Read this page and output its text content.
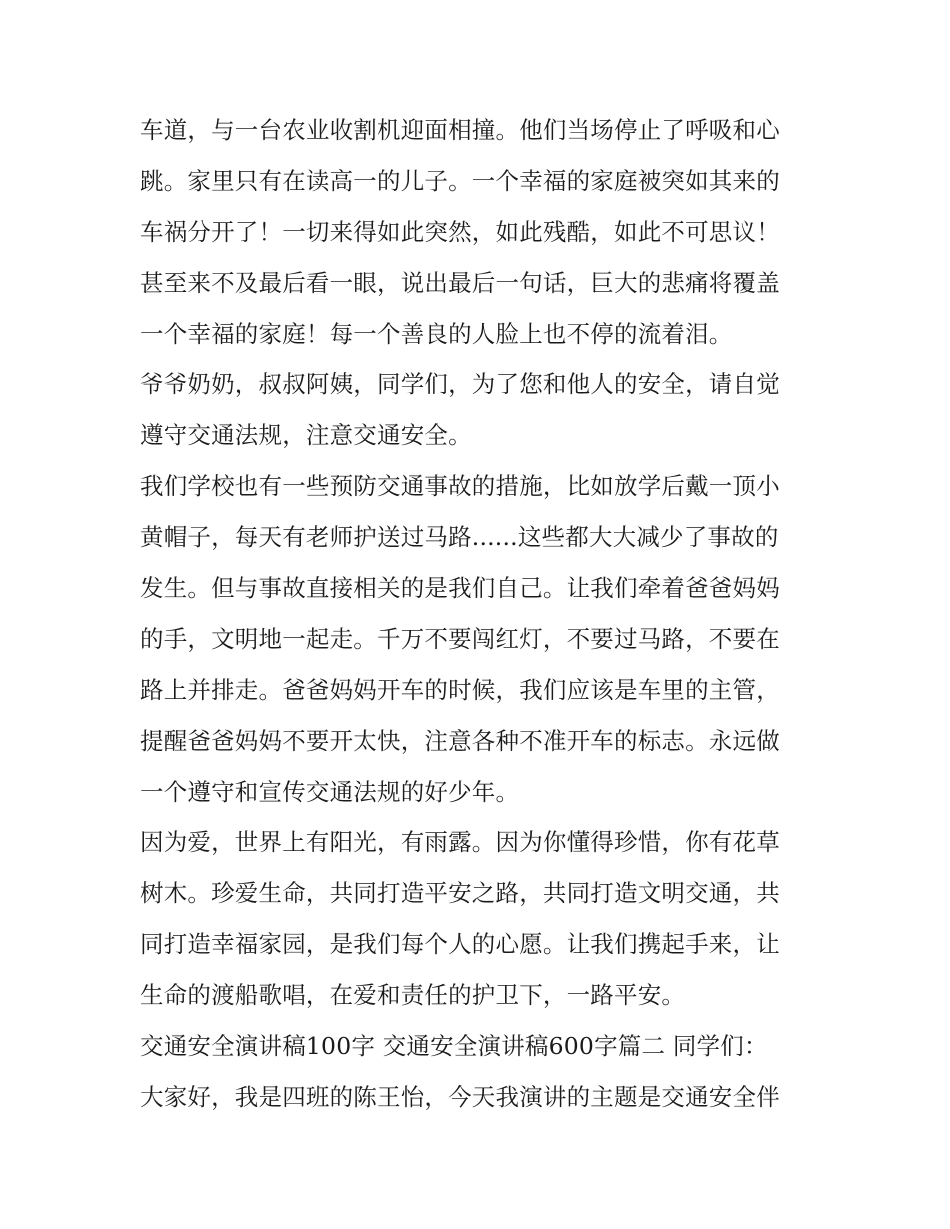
车道，与一台农业收割机迎面相撞。他们当场停止了呼吸和心
跳。家里只有在读高一的儿子。一个幸福的家庭被突如其来的
车祸分开了！一切来得如此突然，如此残酷，如此不可思议！
甚至来不及最后看一眼，说出最后一句话，巨大的悲痛将覆盖
一个幸福的家庭！每一个善良的人脸上也不停的流着泪。
爷爷奶奶，叔叔阿姨，同学们，为了您和他人的安全，请自觉
遵守交通法规，注意交通安全。
我们学校也有一些预防交通事故的措施，比如放学后戴一顶小
黄帽子，每天有老师护送过马路......这些都大大减少了事故的
发生。但与事故直接相关的是我们自己。让我们牵着爸爸妈妈
的手，文明地一起走。千万不要闯红灯，不要过马路，不要在
路上并排走。爸爸妈妈开车的时候，我们应该是车里的主管，
提醒爸爸妈妈不要开太快，注意各种不准开车的标志。永远做
一个遵守和宣传交通法规的好少年。
因为爱，世界上有阳光，有雨露。因为你懂得珍惜，你有花草
树木。珍爱生命，共同打造平安之路，共同打造文明交通，共
同打造幸福家园，是我们每个人的心愿。让我们携起手来，让
生命的渡船歌唱，在爱和责任的护卫下，一路平安。
交通安全演讲稿100字 交通安全演讲稿600字篇二 同学们：
大家好，我是四班的陈王怡，今天我演讲的主题是交通安全伴
